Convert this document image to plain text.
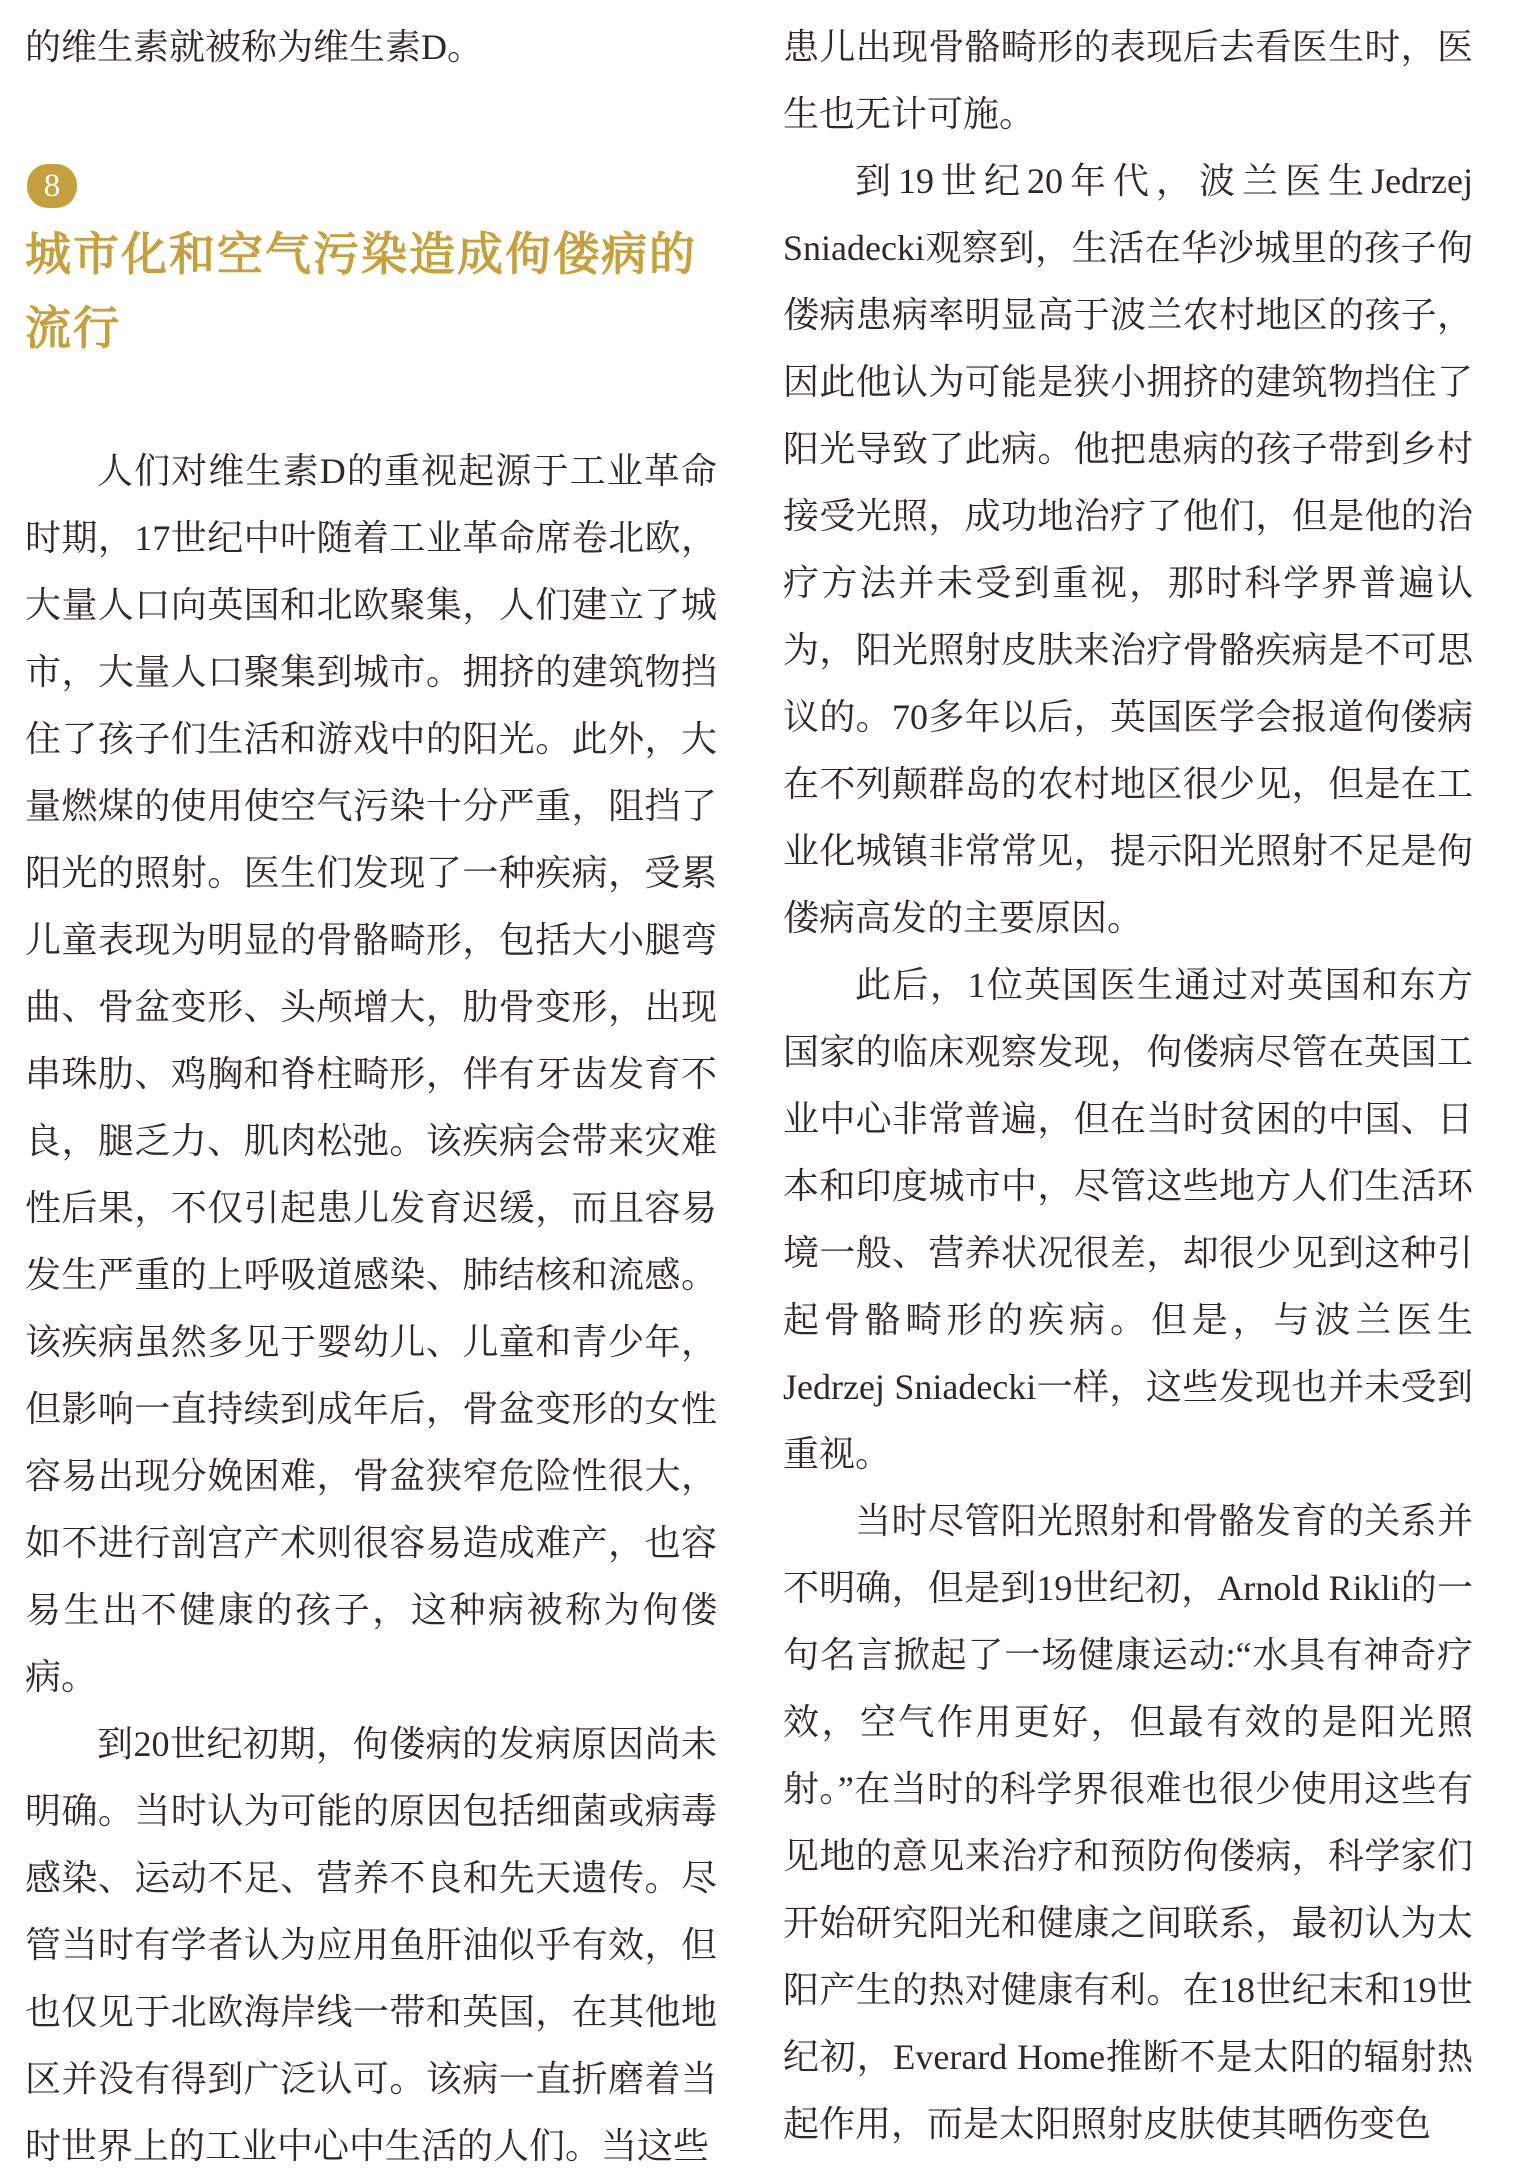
的维生素就被称为维生素D。

8
城市化和空气污染造成佝偻病的
流行

人们对维生素D的重视起源于工业革命时期，17世纪中叶随着工业革命席卷北欧，大量人口向英国和北欧聚集，人们建立了城市，大量人口聚集到城市。拥挤的建筑物挡住了孩子们生活和游戏中的阳光。此外，大量燃煤的使用使空气污染十分严重，阻挡了阳光的照射。医生们发现了一种疾病，受累儿童表现为明显的骨骼畸形，包括大小腿弯曲、骨盆变形、头颅增大，肋骨变形，出现串珠肋、鸡胸和脊柱畸形，伴有牙齿发育不良，腿乏力、肌肉松弛。该疾病会带来灾难性后果，不仅引起患儿发育迟缓，而且容易发生严重的上呼吸道感染、肺结核和流感。该疾病虽然多见于婴幼儿、儿童和青少年，但影响一直持续到成年后，骨盆变形的女性容易出现分娩困难，骨盆狭窄危险性很大，如不进行剖宫产术则很容易造成难产，也容易生出不健康的孩子，这种病被称为佝偻病。

到20世纪初期，佝偻病的发病原因尚未明确。当时认为可能的原因包括细菌或病毒感染、运动不足、营养不良和先天遗传。尽管当时有学者认为应用鱼肝油似乎有效，但也仅见于北欧海岸线一带和英国，在其他地区并没有得到广泛认可。该病一直折磨着当时世界上的工业中心中生活的人们。当这些

患儿出现骨骼畸形的表现后去看医生时，医生也无计可施。

到19世纪20年代，波兰医生Jedrzej Sniadecki观察到，生活在华沙城里的孩子佝偻病患病率明显高于波兰农村地区的孩子，因此他认为可能是狭小拥挤的建筑物挡住了阳光导致了此病。他把患病的孩子带到乡村接受光照，成功地治疗了他们，但是他的治疗方法并未受到重视，那时科学界普遍认为，阳光照射皮肤来治疗骨骼疾病是不可思议的。70多年以后，英国医学会报道佝偻病在不列颠群岛的农村地区很少见，但是在工业化城镇非常常见，提示阳光照射不足是佝偻病高发的主要原因。

此后，1位英国医生通过对英国和东方国家的临床观察发现，佝偻病尽管在英国工业中心非常普遍，但在当时贫困的中国、日本和印度城市中，尽管这些地方人们生活环境一般、营养状况很差，却很少见到这种引起骨骼畸形的疾病。但是，与波兰医生Jedrzej Sniadecki一样，这些发现也并未受到重视。

当时尽管阳光照射和骨骼发育的关系并不明确，但是到19世纪初，Arnold Rikli的一句名言掀起了一场健康运动:“水具有神奇疗效，空气作用更好，但最有效的是阳光照射。”在当时的科学界很难也很少使用这些有见地的意见来治疗和预防佝偻病，科学家们开始研究阳光和健康之间联系，最初认为太阳产生的热对健康有利。在18世纪末和19世纪初，Everard Home推断不是太阳的辐射热起作用，而是太阳照射皮肤使其晒伤变色
